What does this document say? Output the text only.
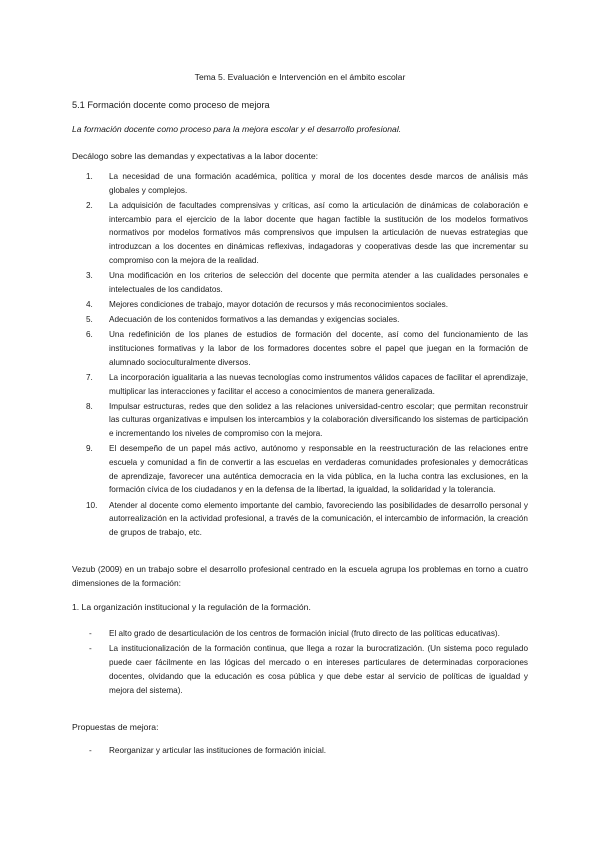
Tema 5. Evaluación e Intervención en el ámbito escolar
5.1 Formación docente como proceso de mejora
La formación docente como proceso para la mejora escolar y el desarrollo profesional.
Decálogo sobre las demandas y expectativas a la labor docente:
1. La necesidad de una formación académica, política y moral de los docentes desde marcos de análisis más globales y complejos.
2. La adquisición de facultades comprensivas y críticas, así como la articulación de dinámicas de colaboración e intercambio para el ejercicio de la labor docente que hagan factible la sustitución de los modelos formativos normativos por modelos formativos más comprensivos que impulsen la articulación de nuevas estrategias que introduzcan a los docentes en dinámicas reflexivas, indagadoras y cooperativas desde las que incrementar su compromiso con la mejora de la realidad.
3. Una modificación en los criterios de selección del docente que permita atender a las cualidades personales e intelectuales de los candidatos.
4. Mejores condiciones de trabajo, mayor dotación de recursos y más reconocimientos sociales.
5. Adecuación de los contenidos formativos a las demandas y exigencias sociales.
6. Una redefinición de los planes de estudios de formación del docente, así como del funcionamiento de las instituciones formativas y la labor de los formadores docentes sobre el papel que juegan en la formación de alumnado socioculturalmente diversos.
7. La incorporación igualitaria a las nuevas tecnologías como instrumentos válidos capaces de facilitar el aprendizaje, multiplicar las interacciones y facilitar el acceso a conocimientos de manera generalizada.
8. Impulsar estructuras, redes que den solidez a las relaciones universidad-centro escolar; que permitan reconstruir las culturas organizativas e impulsen los intercambios y la colaboración diversificando los sistemas de participación e incrementando los niveles de compromiso con la mejora.
9. El desempeño de un papel más activo, autónomo y responsable en la reestructuración de las relaciones entre escuela y comunidad a fin de convertir a las escuelas en verdaderas comunidades profesionales y democráticas de aprendizaje, favorecer una auténtica democracia en la vida pública, en la lucha contra las exclusiones, en la formación cívica de los ciudadanos y en la defensa de la libertad, la igualdad, la solidaridad y la tolerancia.
10. Atender al docente como elemento importante del cambio, favoreciendo las posibilidades de desarrollo personal y autorrealización en la actividad profesional, a través de la comunicación, el intercambio de información, la creación de grupos de trabajo, etc.
Vezub (2009) en un trabajo sobre el desarrollo profesional centrado en la escuela agrupa los problemas en torno a cuatro dimensiones de la formación:
1. La organización institucional y la regulación de la formación.
- El alto grado de desarticulación de los centros de formación inicial (fruto directo de las políticas educativas).
- La institucionalización de la formación continua, que llega a rozar la burocratización. (Un sistema poco regulado puede caer fácilmente en las lógicas del mercado o en intereses particulares de determinadas corporaciones docentes, olvidando que la educación es cosa pública y que debe estar al servicio de políticas de igualdad y mejora del sistema).
Propuestas de mejora:
- Reorganizar y articular las instituciones de formación inicial.
